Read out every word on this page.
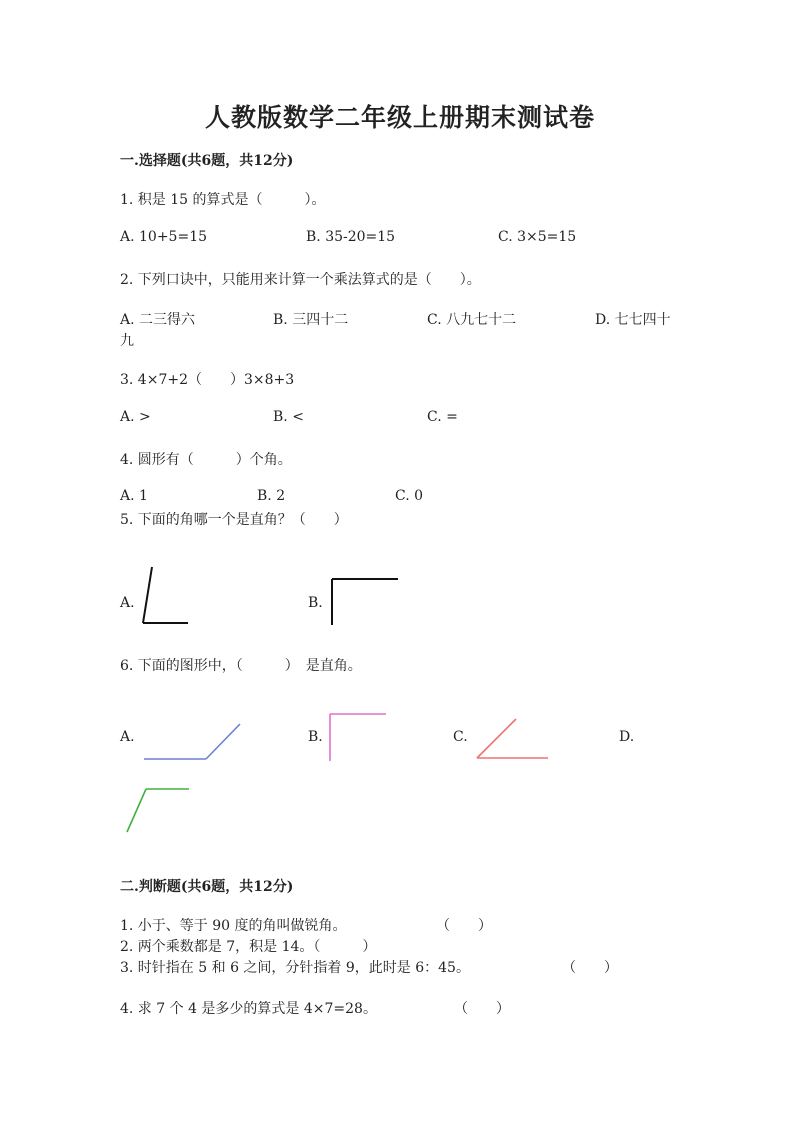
人教版数学二年级上册期末测试卷
一.选择题(共6题，共12分)
1. 积是 15 的算式是（　　　）。
A. 10+5=15	B. 35-20=15	C. 3×5=15
2. 下列口诀中，只能用来计算一个乘法算式的是（　　）。
A. 二三得六	B. 三四十二	C. 八九七十二	D. 七七四十
九
3. 4×7+2（　　）3×8+3
A. >	B. <	C. =
4. 圆形有（　　　）个角。
A. 1	B. 2	C. 0
5. 下面的角哪一个是直角？（　　）
A.	B.
6. 下面的图形中，（　　　）　是直角。
A.	B.	C.	D.
二.判断题(共6题，共12分)
1. 小于、等于 90 度的角叫做锐角。	（　　）
2. 两个乘数都是 7，积是 14。（　　　）
3. 时针指在 5 和 6 之间，分针指着 9，此时是 6：45。	（　　）
4. 求 7 个 4 是多少的算式是 4×7=28。	（　　）
